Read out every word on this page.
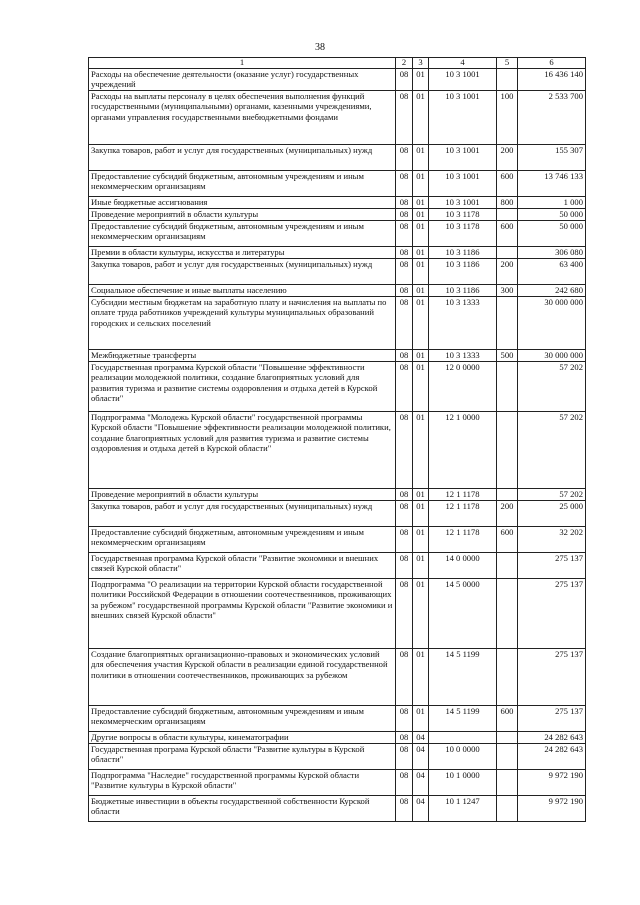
38
1	2	3	4	5	6
Расходы на обеспечение деятельности (оказание услуг) государственных учреждений	08	01	10 3 1001		16 436 140
Расходы на выплаты персоналу в целях обеспечения выполнения функций государственными (муниципальными) органами, казенными учреждениями, органами управления государственными внебюджетными фондами	08	01	10 3 1001	100	2 533 700
Закупка товаров, работ и услуг для государственных (муниципальных) нужд	08	01	10 3 1001	200	155 307
Предоставление субсидий бюджетным, автономным учреждениям и иным некоммерческим организациям	08	01	10 3 1001	600	13 746 133
Иные бюджетные ассигнования	08	01	10 3 1001	800	1 000
Проведение мероприятий в области культуры	08	01	10 3 1178		50 000
Предоставление субсидий бюджетным, автономным учреждениям и иным некоммерческим организациям	08	01	10 3 1178	600	50 000
Премии в области культуры, искусства и литературы	08	01	10 3 1186		306 080
Закупка товаров, работ и услуг для государственных (муниципальных) нужд	08	01	10 3 1186	200	63 400
Социальное обеспечение и иные выплаты населению	08	01	10 3 1186	300	242 680
Субсидии местным бюджетам на заработную плату и начисления на выплаты по оплате труда работников учреждений культуры муниципальных образований городских и сельских поселений	08	01	10 3 1333		30 000 000
Межбюджетные трансферты	08	01	10 3 1333	500	30 000 000
Государственная программа Курской области "Повышение эффективности реализации молодежной политики, создание благоприятных условий для развития туризма и развитие системы оздоровления и отдыха детей в Курской области"	08	01	12 0 0000		57 202
Подпрограмма "Молодежь Курской области" государственной программы Курской области "Повышение эффективности реализации молодежной политики, создание благоприятных условий для развития туризма и развитие системы оздоровления и отдыха детей в Курской области"	08	01	12 1 0000		57 202
Проведение мероприятий в области культуры	08	01	12 1 1178		57 202
Закупка товаров, работ и услуг для государственных (муниципальных) нужд	08	01	12 1 1178	200	25 000
Предоставление субсидий бюджетным, автономным учреждениям и иным некоммерческим организациям	08	01	12 1 1178	600	32 202
Государственная программа Курской области "Развитие экономики и внешних связей Курской области"	08	01	14 0 0000		275 137
Подпрограмма "О реализации на территории Курской области государственной политики Российской Федерации в отношении соотечественников, проживающих за рубежом" государственной программы Курской области "Развитие экономики и внешних связей Курской области"	08	01	14 5 0000		275 137
Создание благоприятных организационно-правовых и экономических условий для обеспечения участия Курской области в реализации единой государственной политики в отношении соотечественников, проживающих за рубежом	08	01	14 5 1199		275 137
Предоставление субсидий бюджетным, автономным учреждениям и иным некоммерческим организациям	08	01	14 5 1199	600	275 137
Другие вопросы в области культуры, кинематографии	08	04			24 282 643
Государственная програма Курской области "Развитие культуры в Курской области"	08	04	10 0 0000		24 282 643
Подпрограмма "Наследие" государственной программы Курской области "Развитие культуры в Курской области"	08	04	10 1 0000		9 972 190
Бюджетные инвестиции в объекты государственной собственности Курской области	08	04	10 1 1247		9 972 190
